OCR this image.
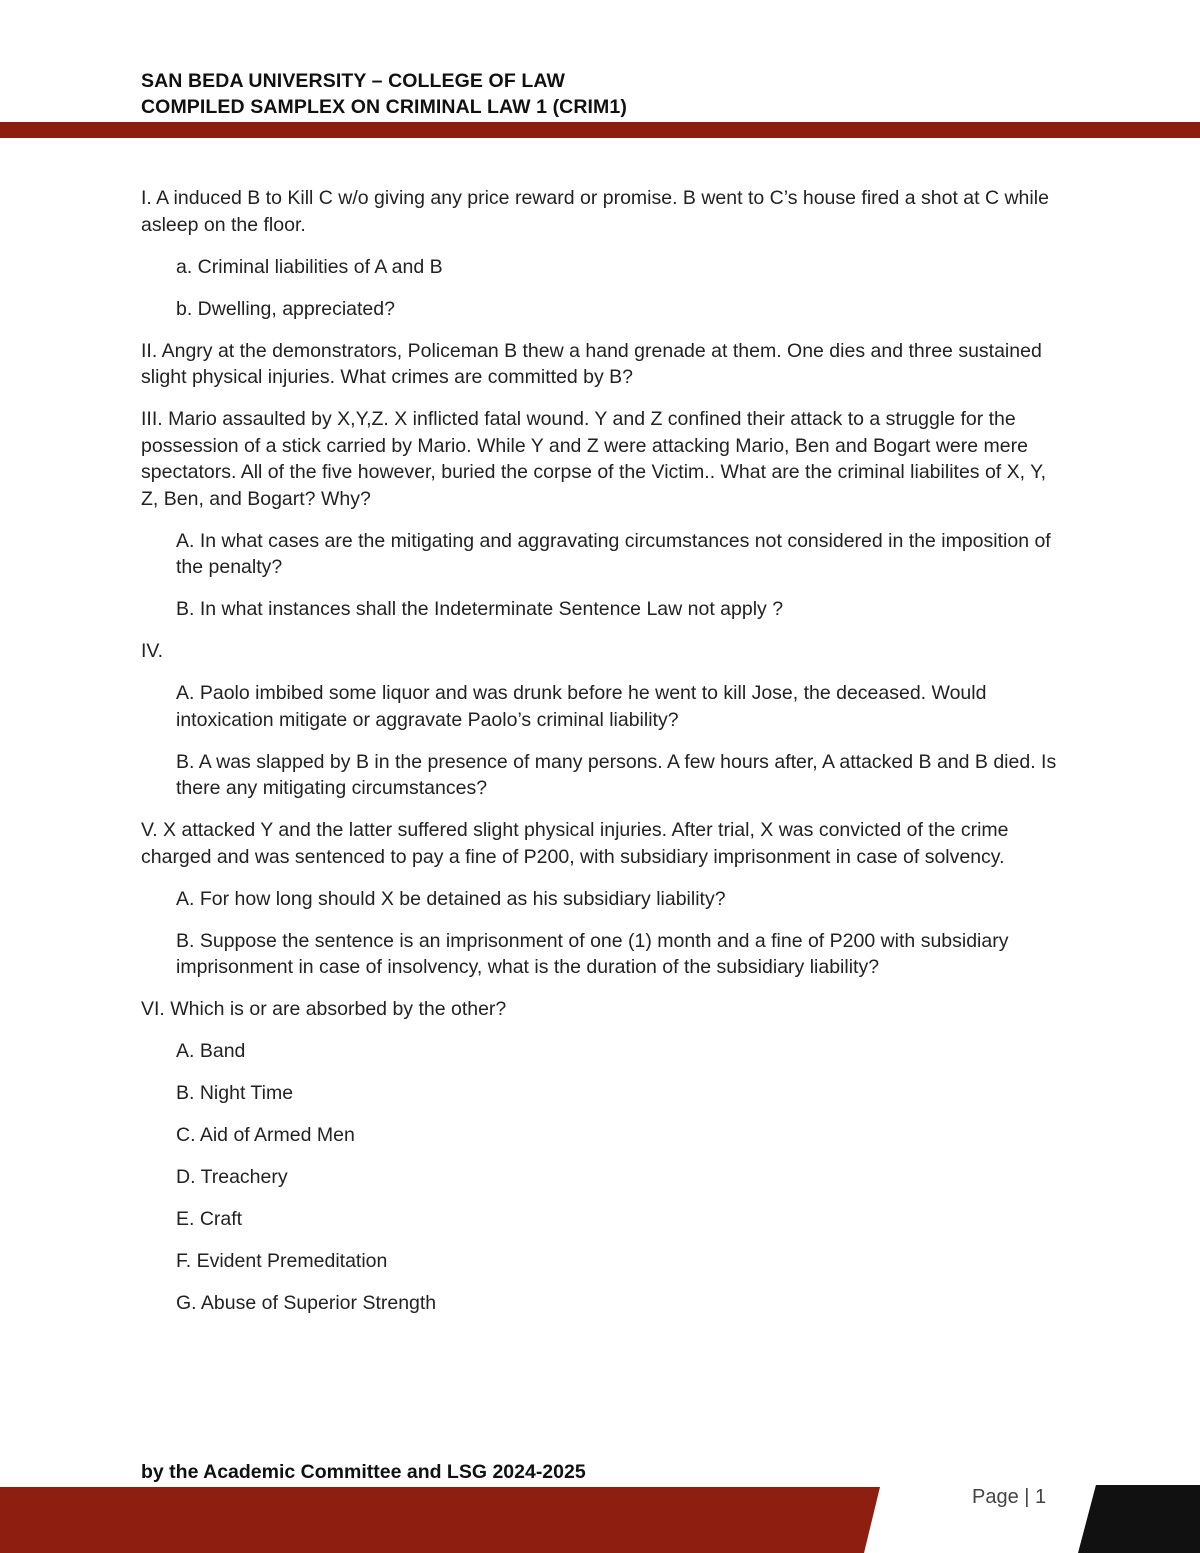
SAN BEDA UNIVERSITY – COLLEGE OF LAW
COMPILED SAMPLEX ON CRIMINAL LAW 1 (CRIM1)

I. A induced B to Kill C w/o giving any price reward or promise. B went to C’s house fired a shot at C while asleep on the floor.

a. Criminal liabilities of A and B

b. Dwelling, appreciated?

II. Angry at the demonstrators, Policeman B thew a hand grenade at them. One dies and three sustained slight physical injuries. What crimes are committed by B?

III. Mario assaulted by X,Y,Z. X inflicted fatal wound. Y and Z confined their attack to a struggle for the possession of a stick carried by Mario. While Y and Z were attacking Mario, Ben and Bogart were mere spectators. All of the five however, buried the corpse of the Victim.. What are the criminal liabilites of X, Y, Z, Ben, and Bogart? Why?

A. In what cases are the mitigating and aggravating circumstances not considered in the imposition of the penalty?

B. In what instances shall the Indeterminate Sentence Law not apply ?

IV.

A. Paolo imbibed some liquor and was drunk before he went to kill Jose, the deceased. Would intoxication mitigate or aggravate Paolo’s criminal liability?

B. A was slapped by B in the presence of many persons. A few hours after, A attacked B and B died. Is there any mitigating circumstances?

V. X attacked Y and the latter suffered slight physical injuries. After trial, X was convicted of the crime charged and was sentenced to pay a fine of P200, with subsidiary imprisonment in case of solvency.

A. For how long should X be detained as his subsidiary liability?

B. Suppose the sentence is an imprisonment of one (1) month and a fine of P200 with subsidiary imprisonment in case of insolvency, what is the duration of the subsidiary liability?

VI. Which is or are absorbed by the other?

A. Band

B. Night Time

C. Aid of Armed Men

D. Treachery

E. Craft

F. Evident Premeditation

G. Abuse of Superior Strength

by the Academic Committee and LSG 2024-2025
Page | 1
